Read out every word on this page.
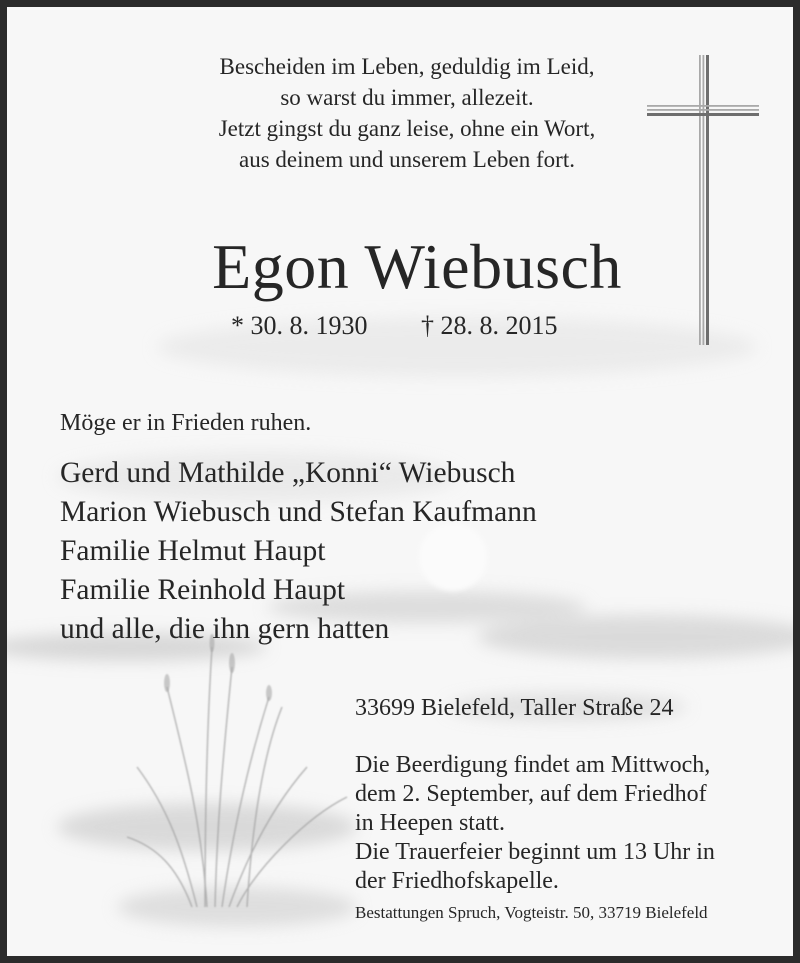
Bescheiden im Leben, geduldig im Leid,
so warst du immer, allezeit.
Jetzt gingst du ganz leise, ohne ein Wort,
aus deinem und unserem Leben fort.
Egon Wiebusch
* 30. 8. 1930 † 28. 8. 2015
Möge er in Frieden ruhen.
Gerd und Mathilde „Konni“ Wiebusch
Marion Wiebusch und Stefan Kaufmann
Familie Helmut Haupt
Familie Reinhold Haupt
und alle, die ihn gern hatten
33699 Bielefeld, Taller Straße 24
Die Beerdigung findet am Mittwoch,
dem 2. September, auf dem Friedhof
in Heepen statt.
Die Trauerfeier beginnt um 13 Uhr in
der Friedhofskapelle.
Bestattungen Spruch, Vogteistr. 50, 33719 Bielefeld
